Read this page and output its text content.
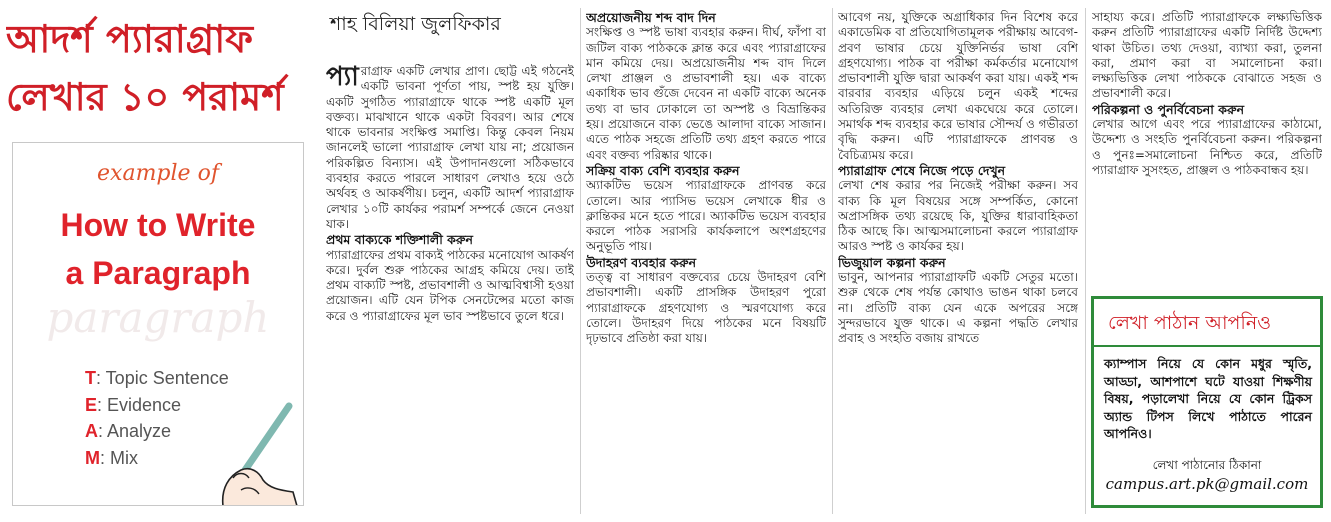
আদর্শ প্যারাগ্রাফ
লেখার ১০ পরামর্শ
example of
How to Write
a Paragraph
paragraph
T: Topic Sentence
E: Evidence
A: Analyze
M: Mix
শাহ বিলিয়া জুলফিকার

প্যা রাগ্রাফ একটি লেখার প্রাণ। ছোট্ট এই গঠনেই একটি ভাবনা পূর্ণতা পায়, স্পষ্ট হয় যুক্তি। একটি সুগঠিত প্যারাগ্রাফে থাকে স্পষ্ট একটি মূল বক্তব্য। মাঝখানে থাকে একটা বিবরণ। আর শেষে থাকে ভাবনার সংক্ষিপ্ত সমাপ্তি। কিন্তু কেবল নিয়ম জানলেই ভালো প্যারাগ্রাফ লেখা যায় না; প্রয়োজন পরিকল্পিত বিন্যাস। এই উপাদানগুলো সঠিকভাবে ব্যবহার করতে পারলে সাধারণ লেখাও হয়ে ওঠে অর্থবহ ও আকর্ষণীয়। চলুন, একটি আদর্শ প্যারাগ্রাফ লেখার ১০টি কার্যকর পরামর্শ সম্পর্কে জেনে নেওয়া যাক।

প্রথম বাক্যকে শক্তিশালী করুন

প্যারাগ্রাফের প্রথম বাক্যই পাঠকের মনোযোগ আকর্ষণ করে। দুর্বল শুরু পাঠকের আগ্রহ কমিয়ে দেয়। তাই প্রথম বাক্যটি স্পষ্ট, প্রভাবশালী ও আত্মবিশ্বাসী হওয়া প্রয়োজন। এটি যেন টপিক সেনটেন্সের মতো কাজ করে ও প্যারাগ্রাফের মূল ভাব স্পষ্টভাবে তুলে ধরে।

অপ্রয়োজনীয় শব্দ বাদ দিন

সংক্ষিপ্ত ও স্পষ্ট ভাষা ব্যবহার করুন। দীর্ঘ, ফাঁপা বা জটিল বাক্য পাঠককে ক্লান্ত করে এবং প্যারাগ্রাফের মান কমিয়ে দেয়। অপ্রয়োজনীয় শব্দ বাদ দিলে লেখা প্রাঞ্জল ও প্রভাবশালী হয়। এক বাক্যে একাধিক ভাব গুঁজে দেবেন না একটি বাক্যে অনেক তথ্য বা ভাব ঢোকালে তা অস্পষ্ট ও বিভ্রান্তিকর হয়। প্রয়োজনে বাক্য ভেঙে আলাদা বাক্যে সাজান। এতে পাঠক সহজে প্রতিটি তথ্য গ্রহণ করতে পারে এবং বক্তব্য পরিষ্কার থাকে।

সক্রিয় বাক্য বেশি ব্যবহার করুন

অ্যাকটিভ ভয়েস প্যারাগ্রাফকে প্রাণবন্ত করে তোলে। আর প্যাসিভ ভয়েস লেখাকে ধীর ও ক্লান্তিকর মনে হতে পারে। অ্যাকটিভ ভয়েস ব্যবহার করলে পাঠক সরাসরি কার্যকলাপে অংশগ্রহণের অনুভূতি পায়।

উদাহরণ ব্যবহার করুন

তত্ত্ব বা সাধারণ বক্তব্যের চেয়ে উদাহরণ বেশি প্রভাবশালী। একটি প্রাসঙ্গিক উদাহরণ পুরো প্যারাগ্রাফকে গ্রহণযোগ্য ও স্মরণযোগ্য করে তোলে। উদাহরণ দিয়ে পাঠকের মনে বিষয়টি দৃঢ়ভাবে প্রতিষ্ঠা করা যায়।

আবেগ নয়, যুক্তিকে অগ্রাধিকার দিন বিশেষ করে একাডেমিক বা প্রতিযোগিতামূলক পরীক্ষায় আবেগ-প্রবণ ভাষার চেয়ে যুক্তিনির্ভর ভাষা বেশি গ্রহণযোগ্য। পাঠক বা পরীক্ষা কর্মকর্তার মনোযোগ প্রভাবশালী যুক্তি দ্বারা আকর্ষণ করা যায়। একই শব্দ বারবার ব্যবহার এড়িয়ে চলুন একই শব্দের অতিরিক্ত ব্যবহার লেখা একঘেয়ে করে তোলে। সমার্থক শব্দ ব্যবহার করে ভাষার সৌন্দর্য ও গভীরতা বৃদ্ধি করুন। এটি প্যারাগ্রাফকে প্রাণবন্ত ও বৈচিত্র্যময় করে।

প্যারাগ্রাফ শেষে নিজে পড়ে দেখুন

লেখা শেষ করার পর নিজেই পরীক্ষা করুন। সব বাক্য কি মূল বিষয়ের সঙ্গে সম্পর্কিত, কোনো অপ্রাসঙ্গিক তথ্য রয়েছে কি, যুক্তির ধারাবাহিকতা ঠিক আছে কি। আত্মসমালোচনা করলে প্যারাগ্রাফ আরও স্পষ্ট ও কার্যকর হয়।

ভিজুয়াল কল্পনা করুন

ভাবুন, আপনার প্যারাগ্রাফটি একটি সেতুর মতো। শুরু থেকে শেষ পর্যন্ত কোথাও ভাঙন থাকা চলবে না। প্রতিটি বাক্য যেন একে অপরের সঙ্গে সুন্দরভাবে যুক্ত থাকে। এ কল্পনা পদ্ধতি লেখার প্রবাহ ও সংহতি বজায় রাখতে

সাহায্য করে। প্রতিটি প্যারাগ্রাফকে লক্ষ্যভিত্তিক করুন প্রতিটি প্যারাগ্রাফের একটি নির্দিষ্ট উদ্দেশ্য থাকা উচিত। তথ্য দেওয়া, ব্যাখ্যা করা, তুলনা করা, প্রমাণ করা বা সমালোচনা করা। লক্ষ্যভিত্তিক লেখা পাঠককে বোঝাতে সহজ ও প্রভাবশালী করে।

পরিকল্পনা ও পুনর্বিবেচনা করুন

লেখার আগে এবং পরে প্যারাগ্রাফের কাঠামো, উদ্দেশ্য ও সংহতি পুনর্বিবেচনা করুন। পরিকল্পনা ও পুনঃ=সমালোচনা নিশ্চিত করে, প্রতিটি প্যারাগ্রাফ সুসংহত, প্রাঞ্জল ও পাঠকবান্ধব হয়।

লেখা পাঠান আপনিও
ক্যাম্পাস নিয়ে যে কোন মধুর স্মৃতি, আড্ডা, আশপাশে ঘটে যাওয়া শিক্ষণীয় বিষয়, পড়ালেখা নিয়ে যে কোন ট্রিকস অ্যান্ড টিপস লিখে পাঠাতে পারেন আপনিও।
লেখা পাঠানোর ঠিকানা
campus.art.pk@gmail.com
